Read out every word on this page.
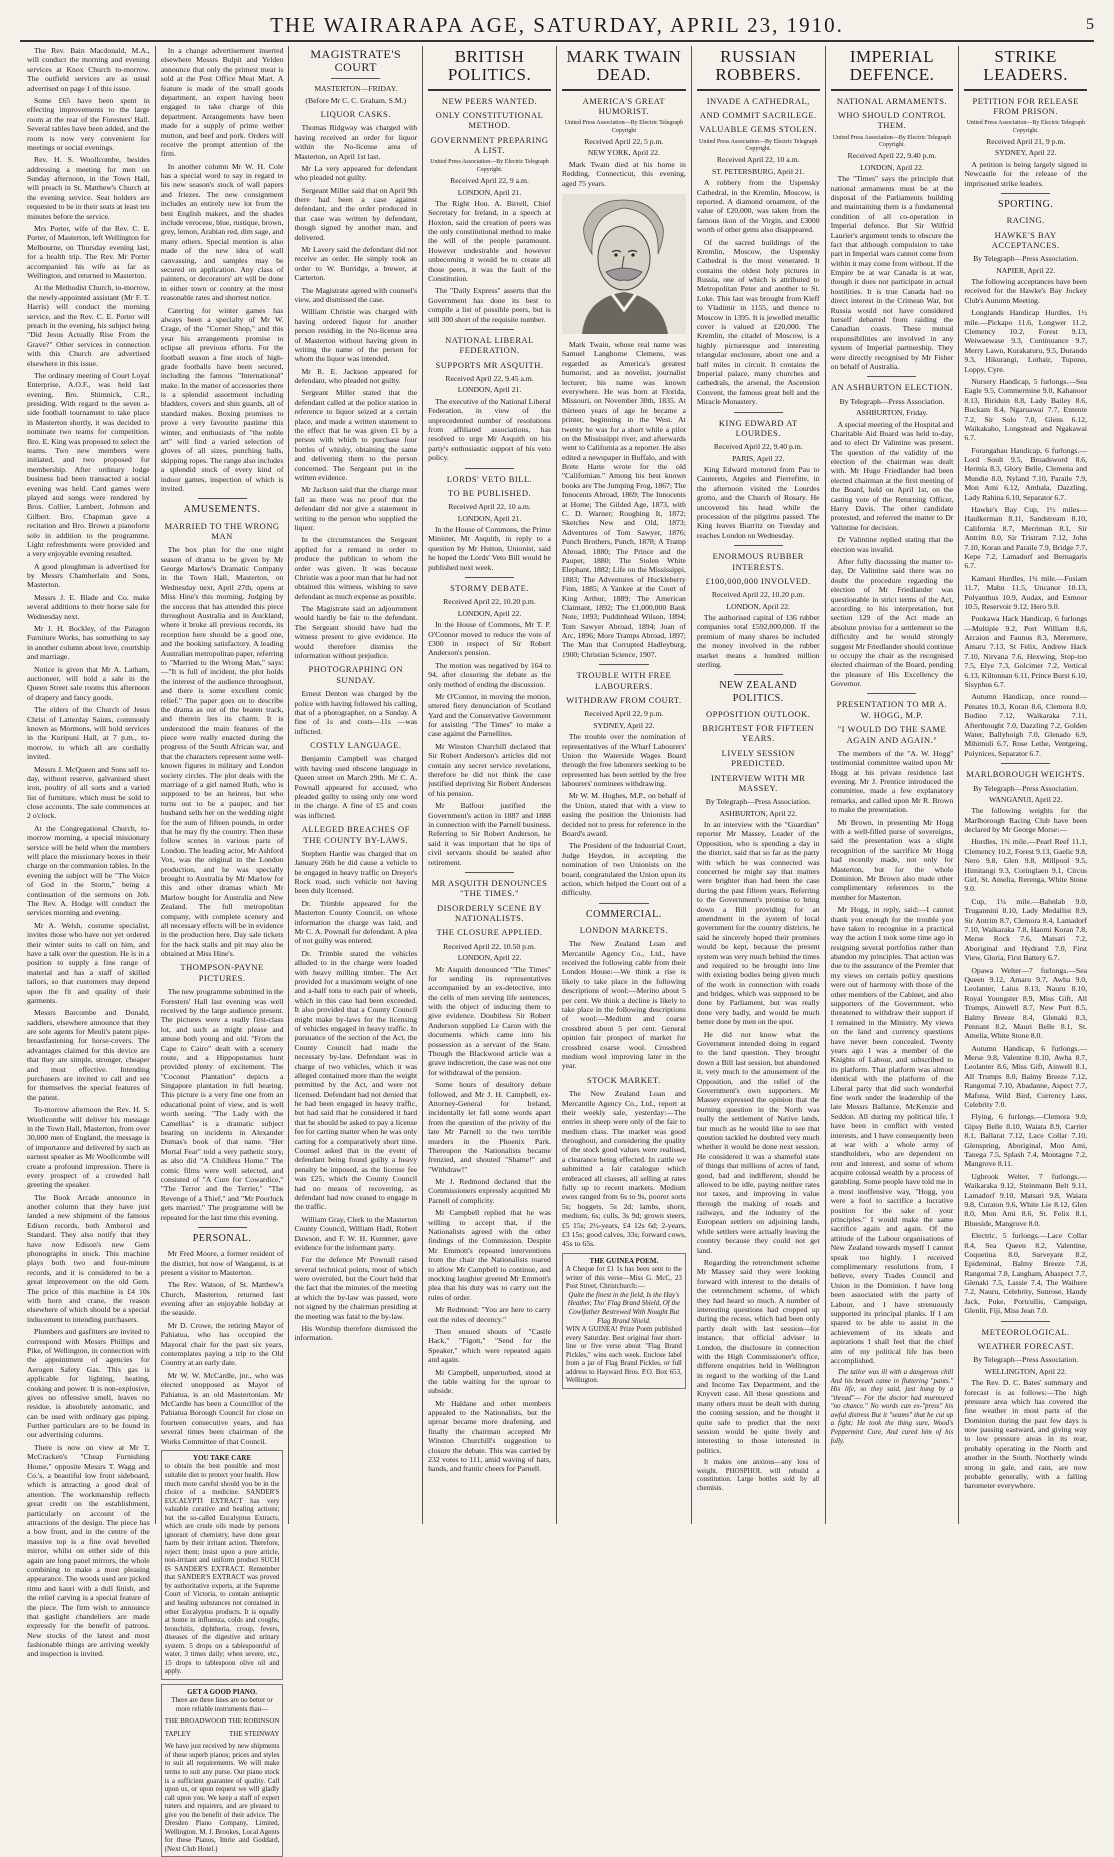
THE WAIRARAPA AGE, SATURDAY, APRIL 23, 1910.	5

The Rev. Bain Macdonald, M.A., will conduct the morning and evening services at Knox Church to-morrow. The outfield services are as usual advertised on page 1 of this issue.

Some £65 have been spent in effecting improvements to the large room at the rear of the Foresters' Hall. Several tables have been added, and the room is now very convenient for meetings or social evenings.

Rev. H. S. Woollcombe, besides addressing a meeting for men on Sunday afternoon, in the Town Hall, will preach in St. Matthew's Church at the evening service. Seat holders are requested to be in their seats at least ten minutes before the service.

Mrs Porter, wife of the Rev. C. E. Porter, of Masterton, left Wellington for Melbourne, on Thursday evening last, for a health trip. The Rev. Mr Porter accompanied his wife as far as Wellington, and returned to Masterton.

At the Methodist Church, to-morrow, the newly-appointed assistant (Mr F. T. Harris) will conduct the morning service, and the Rev. C. E. Porter will preach in the evening, his subject being "Did Jesus Actually Rise From the Grave?" Other services in connection with this Church are advertised elsewhere in this issue.

The ordinary meeting of Court Loyal Enterprise, A.O.F., was held last evening, Bro. Shimnick, C.R., presiding. With regard to the seven a-side football tournament to take place in Masterton shortly, it was decided to nominate two teams for competition. Bro. E. King was proposed to select the teams. Two new members were initiated, and two proposed for membership. After ordinary lodge business had been transacted a social evening was held. Card games were played and songs were rendered by Bros. Collier, Lambert, Johnson and Gilbert. Bro. Chapman gave a recitation and Bro. Brown a pianoforte solo in addition to the programme. Light refreshments were provided and a very enjoyable evening resulted.

A good ploughman is advertised for by Messrs Chamberlain and Sons, Masterton.

Messrs J. E. Blade and Co. make several additions to their horse sale for Wednesday next.

Mr J. H. Bockley, of the Paragon Furniture Works, has something to say in another column about love, courtship and marriage.

Notice is given that Mr A. Latham, auctioneer, will hold a sale in the Queen Street sale rooms this afternoon of drapery and fancy goods.

The elders of the Church of Jesus Christ of Latterday Saints, commonly known as Mormons, will hold services in the Kuripuni Hall, at 7 p.m., to-morrow, to which all are cordially invited.

Messrs J. McQueen and Sons sell to-day, without reserve, galvanised sheet iron, poultry of all sorts and a varied list of furniture, which must be sold to close accounts. The sale commences at 2 o'clock.

At the Congregational Church, to-morrow morning, a special missionary service will be held when the members will place the missionary boxes in their charge on the communion tables. In the evening the subject will be "The Voice of God in the Storm," being a continuation of the sermons on Job. The Rev. A. Hodge will conduct the services morning and evening.

Mr A. Welsh, costume specialist, invites those who have not yet ordered their winter suits to call on him, and have a talk over the question. He is in a position to supply a fine range of material and has a staff of skilled tailors, so that customers may depend upon the fit and quality of their garments.

Messrs Barcombe and Donald, saddlers, elsewhere announce that they are sole agents for Meuli's patent pipe-breastfastening for horse-covers. The advantages claimed for this device are that they are simple, stronger, cheaper and most effective. Intending purchasers are invited to call and see for themselves the special features of the patent.

To-morrow afternoon the Rev. H. S. Woollcombe will deliver his message in the Town Hall, Masterton, from over 30,000 men of England, the message is of importance and delivered by such an earnest speaker as Mr Woollcombe will create a profound impression. There is every prospect of a crowded hall greeting the speaker.

The Book Arcade announce in another column that they have just landed a new shipment of the famous Edison records, both Amberol and Standard. They also notify that they have now Edison's new Gem phonographs in stock. This machine plays both two and four-minute records, and it is considered to be a great improvement on the old Gem. The price of this machine is £4 10s with horn and crane, the reason elsewhere of which should be a special inducement to intending purchasers.

Plumbers and gasfitters are invited to correspond with Messrs Phillips and Pike, of Wellington, in connection with the appointment of agencies for Aerogen Safety Gas. This gas is applicable for lighting, heating, cooking and power. It is non-explosive, gives no offensive smell, leaves no residue, is absolutely automatic, and can be used with ordinary gas piping. Further particulars are to be found in our advertising columns.

There is now on view at Mr T. McCracken's "Cheap Furnishing House," opposite Messrs T. Wagg and Co.'s, a beautiful low front sideboard, which is attracting a good deal of attention. The workmanship reflects great credit on the establishment, particularly on account of the attractions of the design. The piece has a bow front, and in the centre of the massive top is a fine oval bevelled mirror, whilst on either side of this again are long panel mirrors, the whole combining to make a most pleasing appearance. The woods used are picked rimu and kauri with a dull finish, and the relief carving is a special feature of the piece. The firm wish to announce that gaslight chandeliers are made expressly for the benefit of patrons. New stocks of the latest and most fashionable things are arriving weekly and inspection is invited.

In a change advertisement inserted elsewhere Messrs Bulpit and Yelden announce that only the primest meat is sold at the Post Office Meat Mart. A feature is made of the small goods department, an expert having been engaged to take charge of this department. Arrangements have been made for a supply of prime wether mutton, and beef and pork. Orders will receive the prompt attention of the firm.

In another column Mr W. H. Cole has a special word to say in regard to his new season's stock of wall papers and friezes. The new consignment includes an entirely new lot from the best English makers, and the shades include verocese, blue, rustique, brown, grey, lemon, Arabian red, dim sage, and many others. Special mention is also made of the new idea of wall canvassing, and samples may be secured on application. Any class of painters, or decorators' art will be done in either town or country at the most reasonable rates and shortest notice.

Catering for winter games has always been a specialty of Mr W. Crage, of the "Corner Shop," and this year his arrangements promise to eclipse all previous efforts. For the football season a fine stock of high-grade footballs have been secured, including the famous "International" make. In the matter of accessories there is a splendid assortment including bladders, covers and shin guards, all of standard makes. Boxing promises to prove a very favourite pastime this winter, and enthusiasts of "the noble art" will find a varied selection of gloves of all sizes, punching balls, skipping ropes. The range also includes a splendid stock of every kind of indoor games, inspection of which is invited.

AMUSEMENTS.
MARRIED TO THE WRONG MAN

The box plan for the one night season of drama to be given by Mr George Marlow's Dramatic Company in the Town Hall, Masterton, on Wednesday next, April 27th, opens at Miss Hine's this morning. Judging by the success that has attended this piece throughout Australia and in Auckland, where it broke all previous records, its reception here should be a good one, and the booking satisfactory. A leading Australian metropolitan paper, referring to "Married to the Wrong Man," says:—"It is full of incident, the plot holds the interest of the audience throughout, and there is some excellent comic relief." The paper goes on to describe the drama as out of the beaten track, and therein lies its charm. It is understood the main features of the piece were really enacted during the progress of the South African war, and that the characters represent some well-known figures in military and London society circles. The plot deals with the marriage of a girl named Ruth, who is supposed to be an heiress, but who turns out to be a pauper, and her husband sells her on the wedding night for the sum of fifteen pounds, in order that he may fly the country. Then these follow scenes in various parts of London. The leading actor, Mr Ashford Vox, was the original in the London production, and he was specially brought to Australia by Mr Marlow for this and other dramas which Mr Marlow bought for Australia and New Zealand. The full metropolitan company, with complete scenery and all necessary effects will be in evidence in the production here. Day sale tickets for the back stalls and pit may also be obtained at Miss Hine's.

THOMPSON-PAYNE PICTURES.

The new programme submitted in the Foresters' Hall last evening was well received by the large audience present. The pictures were a really first-class lot, and such as might please and amuse both young and old. "From the Cape to Cairo" dealt with a scenery route, and a Hippopotamus hunt provided plenty of excitement. The "Coconut Plantation" depicts a Singapore plantation in full bearing. This picture is a very fine one from an educational point of view, and is well worth seeing. "The Lady with the Camellias" is a dramatic subject bearing on incidents in Alexander Dumas's book of that name. "Her Mortal Fear" told a very pathetic story, as also did "A Childless Home." The comic films were well selected, and consisted of "A Cure for Cowardice," "The Terror and the Terrier," "The Revenge of a Thief," and "Mr Poorluck gets married." The programme will be repeated for the last time this evening.

PERSONAL.

Mr Fred Moore, a former resident of the district, but now of Wanganui, is at present a visitor to Masterton.

The Rev. Watson, of St. Matthew's Church, Masterton, returned last evening after an enjoyable holiday at the seaside.

Mr D. Crowe, the retiring Mayor of Pahiatua, who has occupied the Mayoral chair for the past six years, contemplates paying a trip to the Old Country at an early date.

Mr W. W. McCardle, jnr., who was elected unopposed as Mayor of Pahiatua, is an old Mastertonian. Mr McCardle has been a Councillor of the Pahiatua Borough Council for close on fourteen consecutive years, and has several times been chairman of the Works Committee of that Council.

YOU TAKE CARE
to obtain the best possible and most suitable diet to protect your health. How much more careful should you be in the choice of a medicine. SANDER'S EUCALYPTI EXTRACT has very valuable curative and healing actions; but the so-called Eucalyptus Extracts, which are crude oils made by persons ignorant of chemistry, have done great harm by their irritant action. Therefore, reject them; insist upon a pure article, non-irritant and uniform product SUCH IS SANDER'S EXTRACT. Remember that SANDER'S EXTRACT was proved by authoritative experts, at the Supreme Court of Victoria, to contain antiseptic and healing substances not contained in other Eucalyptus products. It is equally at home in influenza, colds and coughs, bronchitis, diphtheria, croup, fevers, diseases of the digestive and urinary system. 5 drops on a tablespoonful of water, 3 times daily; when severe, etc., 15 drops to tablespoon olive oil and apply.
GET A GOOD PIANO.
There are three lines are no better or more reliable instruments than—
THE BROADWOOD THE ROBINSON
TAPLEY	THE STEINWAY
We have just received by new shipments of these superb pianos; prices and styles to suit all requirements. We will make terms to suit any purse. Our piano stock is a sufficient guarantee of quality. Call upon us, or upon request we will gladly call upon you. We keep a staff of expert tuners and repairers, and are pleased to give you the benefit of their advice. The Dresden Piano Company, Limited, Wellington. M. J. Brookes, Local Agents for these Pianos, Imrie and Goddard, (Next Club Hotel.)
MAGISTRATE'S COURT
MASTERTON—FRIDAY.
(Before Mr C. C. Graham, S.M.)
LIQUOR CASKS.

Thomas Ridgway was charged with having received an order for liquor within the No-license area of Masterton, on April 1st last.

Mr La very appeared for defendant who pleaded not guilty.

Sergeant Miller said that on April 9th there had been a case against defendant, and the order produced in that case was written by defendant, though signed by another man, and delivered.

Mr Lavery said the defendant did not receive an order. He simply took an order to W. Burridge, a brewer, at Carterton.

The Magistrate agreed with counsel's view, and dismissed the case.

William Christie was charged with having ordered liquor for another person residing in the No-license area of Masterton without having given in writing the name of the person for whom the liquor was intended.

Mr R. E. Jackson appeared for defendant, who pleaded not guilty.

Sergeant Miller stated that the defendant called at the police station in reference to liquor seized at a certain place, and made a written statement to the effect that he was given £1 by a person with which to purchase four bottles of whisky, obtaining the same and delivering them to the person concerned. The Sergeant put in the written evidence.

Mr Jackson said that the charge must fail as there was no proof that the defendant did not give a statement in writing to the person who supplied the liquor.

In the circumstances the Sergeant applied for a remand in order to produce the publican to whom the order was given. It was because Christie was a poor man that he had not obtained this witness, wishing to save defendant as much expense as possible.

The Magistrate said an adjournment would hardly be fair to the defendant. The Sergeant should have had the witness present to give evidence. He would therefore dismiss the information without prejudice.

PHOTOGRAPHING ON SUNDAY.

Ernest Denton was charged by the police with having followed his calling, that of a photographer, on a Sunday. A fine of 1s and costs—11s —was inflicted.

COSTLY LANGUAGE.

Benjamin Campbell was charged with having used obscene language in Queen street on March 29th. Mr C. A. Pownall appeared for accused, who pleaded guilty to using only one word in the charge. A fine of £5 and costs was inflicted.

ALLEGED BREACHES OF THE COUNTY BY-LAWS.

Stephen Hardie was charged that on January 26th he did cause a vehicle to be engaged in heavy traffic on Dreyer's Rock road, such vehicle not having been duly licensed.

Dr. Trimble appeared for the Masterton County Council, on whose information the charge was laid, and Mr C. A. Pownall for defendant. A plea of not guilty was entered.

Dr. Trimble stated the vehicles alluded to in the charge were loaded with heavy milling timber. The Act provided for a maximum weight of one and a-half tons to each pair of wheels, which in this case had been exceeded. It also provided that a County Council might make by-laws for the licensing of vehicles engaged in heavy traffic. In pursuance of the section of the Act, the County Council had made the necessary by-law. Defendant was in charge of two vehicles, which it was alleged contained more than the weight permitted by the Act, and were not licensed. Defendant had not denied that he had been engaged in heavy traffic, but had said that he considered it hard that he should be asked to pay a license fee for carting matter when he was only carting for a comparatively short time. Counsel asked that in the event of defendant being found guilty a heavy penalty be imposed, as the license fee was £25, which the County Council had no means of recovering, as defendant had now ceased to engage in the traffic.

William Gray, Clerk to the Masterton County Council, William Hadl, Robert Dawson, and F. W. H. Kummer, gave evidence for the informant party.

For the defence Mr Pownall raised several technical points, most of which were overruled, but the Court held that the fact that the minutes of the meeting at which the by-law was passed, were not signed by the chairman presiding at the meeting was fatal to the by-law.

His Worship therefore dismissed the information.

BRITISH POLITICS.
NEW PEERS WANTED.
ONLY CONSTITUTIONAL METHOD.
GOVERNMENT PREPARING A LIST.
United Press Association—By Electric Telegraph Copyright.
Received April 22, 9 a.m.
LONDON, April 21.

The Right Hon. A. Birrell, Chief Secretary for Ireland, in a speech at Hoxton, said the creation of peers was the only constitutional method to make the will of the people paramount. However undesirable and however unbecoming it would be to create all those peers, it was the fault of the Constitution.

The "Daily Express" asserts that the Government has done its best to compile a list of possible peers, but is still 300 short of the requisite number.

NATIONAL LIBERAL FEDERATION.
SUPPORTS MR ASQUITH.
Received April 22, 9.45 a.m.
LONDON, April 21.

The executive of the National Liberal Federation, in view of the unprecedented number of resolutions from affiliated associations, has resolved to urge Mr Asquith on his party's enthusiastic support of his veto policy.

LORDS' VETO BILL.
TO BE PUBLISHED.
Received April 22, 10 a.m.
LONDON, April 21.

In the House of Commons, the Prime Minister, Mr Asquith, in reply to a question by Mr Hutton, Unionist, said he hoped the Lords' Veto Bill would be published next week.

STORMY DEBATE.
Received April 22, 10.20 p.m.
LONDON, April 22.

In the House of Commons, Mr T. P. O'Connor moved to reduce the vote of £300 in respect of Sir Robert Anderson's pension.

The motion was negatived by 164 to 94, after closuring the debate as the only method of ending the discussion.

Mr O'Connor, in moving the motion, uttered fiery denunciation of Scotland Yard and the Conservative Government for assisting "The Times" to make a case against the Parnellites.

Mr Winston Churchill declared that Sir Robert Anderson's articles did not contain any secret service revelations, therefore he did not think the case justified depriving Sir Robert Anderson of his pension.

Mr Balfour justified the Government's action in 1887 and 1888 in connection with the Parnell business. Referring to Sir Robert Anderson, he said it was important that he tips of civil servants should be sealed after retirement.

MR ASQUITH DENOUNCES "THE TIMES."
DISORDERLY SCENE BY NATIONALISTS.
THE CLOSURE APPLIED.
Received April 22, 10.50 p.m.
LONDON, April 22.

Mr Asquith denounced "The Times" for sending its representatives accompanied by an ex-detective, into the cells of men serving life sentences, with the object of inducing them to give evidence. Doubtless Sir Robert Anderson supplied Le Caron with the documents which came into his possession as a servant of the State. Though the Blackwood article was a grave indiscretion, the case was not one for withdrawal of the pension.

Some hours of desultory debate followed, and Mr J. H. Campbell, ex-Attorney-General for Ireland, incidentally let fall some words apart from the question of the privity of the late Mr Parnell to the two terrible murders in the Phoenix Park. Thereupon the Nationalists became frenzied, and shouted "Shame!" and "Withdraw!"

Mr J. Redmond declared that the Commissioners expressly acquitted Mr Parnell of complicity.

Mr Campbell replied that he was willing to accept that, if the Nationalists agreed with the other findings of the Commission. Despite Mr Emmott's repeated interventions from the chair the Nationalists roared to allow Mr Campbell to continue, and mocking laughter greeted Mr Emmott's plea that his duty was to carry out the rules of order.

Mr Redmond: "You are here to carry out the rules of decency."

Then ensued shouts of "Castle Hack," "Figott," "Send for the Speaker," which were repeated again and again.

Mr Campbell, unperturbed, stood at the table waiting for the uproar to subside.

Mr Haldane and other members appealed to the Nationalists, but the uproar became more deafening, and finally the chairman accepted Mr Winston Churchill's suggestion to closure the debate. This was carried by 232 votes to 111, amid waving of hats, hands, and frantic cheers for Parnell.

MARK TWAIN DEAD.
AMERICA'S GREAT HUMORIST.
United Press Association—By Electric Telegraph Copyright
Received April 22, 5 p.m.
NEW YORK, April 22.

Mark Twain died at his home in Redding, Connecticut, this evening, aged 75 years.

Mark Twain, whose real name was Samuel Langhorne Clemens, was regarded as America's greatest humorist, and as novelist, journalist lecturer, his name was known everywhere. He was born at Florida, Missouri, on November 30th, 1835. At thirteen years of age he became a printer, beginning in the West. At twenty he was for a short while a pilot on the Mississippi river, and afterwards went to California as a reporter. He also edited a newspaper in Buffalo, and with Brete Harte wrote for the old "Californian." Among his best known books are The Jumping Frog, 1867; The Innocents Abroad, 1869; The Innocents at Home; The Gilded Age, 1873, with C. D. Warner; Roughing It, 1872; Sketches New and Old, 1873; Adventures of Tom Sawyer, 1876; Punch Brothers, Punch, 1878; A Tramp Abroad, 1880; The Prince and the Pauper, 1880; The Stolen White Elephant, 1882; Life on the Mississippi, 1883; The Adventures of Huckleberry Finn, 1885; A Yankee at the Court of King Arthur, 1889; The American Claimant, 1892; The £1,000,000 Bank Note, 1893; Puddinhead Wilson, 1894; Tom Sawyer Abroad, 1894; Joan of Arc, 1896; More Tramps Abroad, 1897; The Man that Corrupted Hadleyburg, 1900; Christian Science, 1907.

TROUBLE WITH FREE LABOURERS.
WITHDRAW FROM COURT.
Received April 22, 9 p.m.
SYDNEY, April 22.

The trouble over the nomination of representatives of the Wharf Labourers' Union the Waterside Wages Board through the free labourers seeking to be represented has been settled by the free labourers' nominees withdrawing.

Mr W. M. Hughes, M.P., on behalf of the Union, stated that with a view to easing the position the Unionists had decided not to press for reference in the Board's award.

The President of the Industrial Court, Judge Heydon, in accepting the nomination of two Unionists on the board, congratulated the Union upon its action, which helped the Court out of a difficulty.

COMMERCIAL.
LONDON MARKETS.

The New Zealand Loan and Mercantile Agency Co., Ltd., have received the following cable from their London House:—We think a rise is likely to take place in the following descriptions of wool:—Merino about 5 per cent. We think a decline is likely to take place in the following descriptions of wool:—Medium and coarse crossbred about 5 per cent. General opinion fair prospect of market for crossbred coarse wool. Crossbred medium wool improving later in the year.

STOCK MARKET.

The New Zealand Loan and Mercantile Agency Co., Ltd., report at their weekly sale, yesterday:—The entries in sheep were only of the fair to medium class. The market was good throughout, and considering the quality of the stock good values were realised, a clearance being effected. In cattle we submitted a fair catalogue which embraced all classes, all selling at rates fully up to recent markets. Medium ewes ranged from 6s to 9s, poorer sorts 5s; hoggets, 5s 2d; lambs, shorn, medium, 6s; culls, 3s 9d; grown steers, £5 15s; 2½-years, £4 12s 6d; 2-years, £3 15s; good calves, 33s; forward cows, 45s to 65s.

THE GUINEA POEM.
A Cheque for £1 1s has been sent to the writer of this verse—Miss G. McC, 23 Post Street, Christchurch:—
Quite the finest in the field, Is the Hay's Heather, Tho' Flag Brand Shield, Of the Cowlfather Bestrewed With Nought But Flag Brand Shield.
WIN A GUINEA! Prize Poem published every Saturday. Best original four short-line or five verse about "Flag Brand Pickles," wins each week. Enclose label from a jar of Flag Brand Pickles, or full address to Hayward Bros. P.O. Box 653, Wellington.
RUSSIAN ROBBERS.
INVADE A CATHEDRAL,
AND COMMIT SACRILEGE.
VALUABLE GEMS STOLEN.
United Press Association—By Electric Telegraph Copyright.
Received April 22, 10 a.m.
ST. PETERSBURG, April 21.

A robbery from the Uspensky Cathedral, in the Kremlin, Moscow, is reported. A diamond ornament, of the value of £20,000, was taken from the famous ikon of the Virgin, and £3000 worth of other gems also disappeared.

Of the sacred buildings of the Kremlin, Moscow, the Uspensky Cathedral is the most venerated. It contains the oldest holy pictures in Russia, one of which is attributed to Metropolitan Peter and another to St. Luke. This last was brought from Kieff to Vladimir in 1155, and thence to Moscow in 1395. It is jewelled metallic cover is valued at £20,000. The Kremlin, the citadel of Moscow, is a highly picturesque and interesting triangular enclosure, about one and a half miles in circuit. It contains the Imperial palace, many churches and cathedrals, the arsenal, the Ascension Convent, the famous great bell and the Miracle Monastery.

KING EDWARD AT LOURDES.
Received April 22, 9.40 p.m.
PARIS, April 22.

King Edward motored from Pau to Cauterets, Argeles and Pierrefitte, in the afternoon visited the Lourdes grotto, and the Church of Rosary. He uncovered his head while the procession of the pilgrims passed. The King leaves Biarritz on Tuesday and reaches London on Wednesday.

ENORMOUS RUBBER INTERESTS.
£100,000,000 INVOLVED.
Received April 22, 10.20 p.m.
LONDON, April 22.

The authorised capital of 136 rubber companies total £592,000,000. If the premium of many shares be included the money involved in the rubber market means a hundred million sterling.

NEW ZEALAND POLITICS.
OPPOSITION OUTLOOK.
BRIGHTEST FOR FIFTEEN YEARS.
LIVELY SESSION PREDICTED.
INTERVIEW WITH MR MASSEY.
By Telegraph—Press Association.
ASHBURTON, April 22.

In an interview with the "Guardian" reporter Mr Massey, Leader of the Opposition, who is spending a day in the district, said that so far as the party with which he was connected was concerned he might say that matters were brighter than had been the case during the past fifteen years. Referring to the Government's promise to bring down a Bill providing for an amendment in the system of local government for the country districts, he said he sincerely hoped their promises would be kept, because the present system was very much behind the times and required to be brought into line with existing bodies being given much of the work in connection with roads and bridges, which was supposed to be done by Parliament, but was really done very badly, and would be much better done by men on the spot.

He did not know what the Government intended doing in regard to the land question. They brought down a Bill last session, but abandoned it, very much to the amusement of the Opposition, and the relief of the Government's own supporters. Mr Massey expressed the opinion that the burning question in the North was really the settlement of Native lands, but much as he would like to see that question tackled he doubted very much whether it would be done next session. He considered it was a shameful state of things that millions of acres of land, good, bad and indifferent, should be allowed to be idle, paying neither rates nor taxes, and improving in value through the making of roads and railways, and the industry of the European settlers on adjoining lands, while settlers were actually leaving the country because they could not get land.

Regarding the retrenchment scheme Mr Massey said they were looking forward with interest to the details of the retrenchment scheme, of which they had heard so much. A number of interesting questions had cropped up during the recess, which had been only partly dealt with last session—for instance, that official adviser in London, the disclosure in connection with the High Commissioner's office, different enquiries held in Wellington in regard to the working of the Land and Income Tax Department, and the Knyvett case. All these questions and many others must be dealt with during the coming session, and he thought it quite safe to predict that the next session would be quite lively and interesting to those interested in politics.

It makes one anxious—any loss of weight. PHOSPHOL will rebuild a constitution. Large bottles sold by all chemists.

IMPERIAL DEFENCE.
NATIONAL ARMAMENTS.
WHO SHOULD CONTROL THEM.
United Press Association—By Electric Telegraph Copyright.
Received April 22, 9.40 p.m.
LONDON, April 22.

The "Times" says the principle that national armaments must be at the disposal of the Parliaments building and maintaining them is a fundamental condition of all co-operation in Imperial defence. But Sir Wilfrid Laurier's argument tends to obscure the fact that although compulsion to take part in Imperial wars cannot come from within it may come from without. If the Empire be at war Canada is at war, though it does not participate in actual hostilities. It is true Canada had no direct interest in the Crimean War, but Russia would not have considered herself debarred from raiding the Canadian coasts. These mutual responsibilities are involved in any system of Imperial partnership. They were directly recognised by Mr Fisher on behalf of Australia.

AN ASHBURTON ELECTION.
By Telegraph—Press Association.
ASHBURTON, Friday.

A special meeting of the Hospital and Charitable Aid Board was held to-day, and to elect Dr Valintine was present. The question of the validity of the election of the chairman was dealt with. Mr Hugo Friedlander had been elected chairman at the first meeting of the Board, held on April 1st, on the casting vote of the Returning Officer, Harry Davis. The other candidate protested, and referred the matter to Dr Valintine for decision.

Dr Valintine replied stating that the election was invalid.

After fully discussing the matter to-day, Dr Valintine said there was no doubt the procedure regarding the election of Mr Friedlander was questionable in strict terms of the Act, according to his interpretation, but section 129 of the Act made an absolute proviso for a settlement so the difficulty and he would strongly suggest Mr Friedlander should continue to occupy the chair as the recognised elected chairman of the Board, pending the pleasure of His Excellency the Governor.

PRESENTATION TO MR A. W. HOGG, M.P.
"I WOULD DO THE SAME AGAIN AND AGAIN."

The members of the "A. W. Hogg" testimonial committee waited upon Mr Hogg at his private residence last evening. Mr J. Prentice introduced the committee, made a few explanatory remarks, and called upon Mr R. Brown to make the presentation.

Mr Brown, in presenting Mr Hogg with a well-filled purse of sovereigns, said the presentation was a slight recognition of the sacrifice Mr Hogg had recently made, not only for Masterton, but for the whole Dominion. Mr Brown also made other complimentary references to the member for Masterton.

Mr Hogg, in reply, said:—I cannot thank you enough for the trouble you have taken to recognise in a practical way the action I took some time ago in resigning several portfolios rather than abandon my principles. That action was due to the assurance of the Premier that my views on certain policy questions were out of harmony with those of the other members of the Cabinet, and also supporters of the Government, who threatened to withdraw their support if I remained in the Ministry. My views on the land and currency questions have never been concealed. Twenty years ago I was a member of the Knights of Labour, and subscribed to its platform. That platform was almost identical with the platform of the Liberal party that did such wonderful fine work under the leadership of the late Messrs Ballance, McKenzie and Seddon. All during my political life, I have been in conflict with vested interests, and I have consequently been at war with a whole army of standholders, who are dependent on rent and interest, and some of whom acquire colossal wealth by a process of gambling. Some people have told me in a most inoffensive way, "Hogg, you were a fool to sacrifice a lucrative position for the sake of your principles." I would make the same sacrifice again and again. Of the attitude of the Labour organisations of New Zealand towards myself I cannot speak too highly. I received complimentary resolutions from, I believe, every Trades Council and Union in the Dominion. I have long been associated with the party of Labour, and I have strenuously supported its principal planks. If I am spared to be able to assist in the achievement of its ideals and aspirations I shall feel that the chief aim of my political life has been accomplished.

The tailor was ill with a dangerous chill And his breath came in fluttering "pants." His life, so they said, just hung by a "thread"— For the doctor had murmured "no chance." No words can ex-"press" his awful distress But it "seams" that he cut up a fight; He took the thing sure, Wood's Peppermint Cure, And cured him of his folly.

STRIKE LEADERS.
PETITION FOR RELEASE FROM PRISON.
United Press Association—By Electric Telegraph Copyright.
Received April 21, 9 p.m.
SYDNEY, April 22.

A petition is being largely signed in Newcastle for the release of the imprisoned strike leaders.

SPORTING.
RACING.
HAWKE'S BAY ACCEPTANCES.
By Telegraph—Press Association.
NAPIER, April 22.

The following acceptances have been received for the Hawke's Bay Jockey Club's Autumn Meeting.

Longlands Handicap Hurdles, 1½ mile.—Pickapo 11.6, Longwer 11.2, Clemency 10.2, Forest 9.13, Weiwaewase 9.3, Continuance 9.7, Merry Lawn, Kurakaturu, 9.5, Durando 9.3, Hikurangi, Lothair, Tupono, Loppy, Cyre.

Nursery Handicap, 5 furlongs.—Sea Eagle 9.5, Commermine 9.0, Kahanoor 8.13, Biriduin 8.8, Lady Bailey 8.6, Buckam 8.4, Ngaruawai 7.7, Entente 7.2, Sir Solo 7.0, Glens 6.12, Waikakaho, Longstead and Ngakawai 6.7.

Forangahau Handicap, 6 furlongs.—Lord Soult 9.5, Broadsword 8.6, Hermia 8.3, Glory Belle, Clemena and Mundie 8.0, Nyland 7.10, Paraile 7.9, Mon Ami 6.12, Ambala, Dazzling, Lady Rahina 6.10, Separator 6.7.

Hawke's Bay Cup, 1½ miles—Haulkerman 8.11, Sandstream 8.10, California 8.7, Merriman 8.1, Sir Antrim 8.0, Sir Tristram 7.12, John 7.10, Koran and Paraile 7.9, Bridge 7.7, Kepe 7.2, Lamadorf and Bernagaris 6.7.

Kamaui Hurdles, 1¾ mile.—Fusiam 11.7, Mahu 11.5, Uncanor 10.13, Polyanthus 10.9, Audax, and Exmoor 10.5, Reservoir 9.12, Hero 9.0.

Poukawa Hack Handicap, 6 furlongs—Multiple 9.2, Port William 8.6, Arcaion and Faunus 8.3, Meremere, Amaru 7.13, St Felix, Andrew Hack 7.10, Nirvana 7.6, Hexwing, Stop-too 7.5, Elye 7.3, Golcimer 7.2, Vertical 6.13, Kiltonnan 6.11, Prince Burst 6.10, Sisyphus 6.7.

Autumn Handicap, once round—Penates 10.3, Koran 8.6, Clemora 8.0, Bodino 7.12, Waikaraka 7.11, Afterthought 7.0, Dazzling 7.2, Golden Water, Ballyhoigh 7.0, Glenado 6.9, Mihimuli 6.7, Rose Lethe, Ventgeing, Polynices, Separator 6.7.

MARLBOROUGH WEIGHTS.
By Telegraph—Press Association.
WANGANUI, April 22.

The following weights for the Marlborough Racing Club have been declared by Mr George Morse:—

Hurdles, 1¾ mile.—Pearl Reef 11.1, Clemency 10.2, Forest 9.13, Gaelic 9.8, Nero 9.8, Glen 9.8, Millpool 9.5, Himitangi 9.3, Coringlaen 9.1, Circus Girl, St. Amelia, Rerenga, White Stone 9.0.

Cup, 1¼ mile.—Bahnlab 9.0, Trugannini 8.10, Lady Medallist 8.9, Sir Antrim 8.7, Clemora 8.4, Lamadorf 7.10, Waikaraka 7.8, Haomi Koran 7.8, Merse Rock 7.6, Matsari 7.2, Aboriginal and Hydrand 7.0, First View, Gloria, First Battery 6.7.

Opawa Welter—7 furlongs.—Sea Queen 9.12, Amaru 9.7, Awha 9.0, Leolanter, Laius 8.13, Nauru 8.10, Royal Youngster 8.9, Miss Gift, All Trumps, Ainwell 8.7, New Port 8.5, Balmy Breeze 8.4, Glenaki 8.3, Pennant 8.2, Mauri Belle 8.1, St. Amelia, White Stone 8.0.

Autumn Handicap, 6 furlongs.—Merse 9.8, Valentine 8.10, Awha 8.7, Leolanter 8.6, Miss Gift, Ainwell 8.1, All Trumps 8.0, Balmy Breeze 7.12, Rangomai 7.10, Abadanne, Aspect 7.7, Mafuna, Wild Bird, Currency Lass, Celebrity 7.0.

Flying, 6 furlongs.—Clemora 9.0, Gipsy Belle 8.10, Waiata 8.9, Carrier 8.1, Ballarat 7.12, Lace Collar 7.10, Glenspring, Aboriginal, Mon Ami, Tanega 7.5, Splash 7.4, Montagne 7.2, Mangrove 8.11.

Ugbrook Welter, 7 furlongs.—Waikaraka 9.12, Steinmann Belt 9.11, Lamadorf 9.10, Matsari 9.8, Waiata 9.8, Curaton 9.6, White Lie 8.12, Glen 8.0, Mon Ami 8.6, St. Felix 8.1, Blueside, Mangrove 8.0.

Electric, 5 furlongs.—Lace Collar 8.4, Sea Queen 8.2, Valentine, Coquetina 8.0, Surveyant 8.2, Epideminal, Balmy Breeze 7.8, Rangomai 7.8, Langham, Abaspect 7.7, Glenaki 7.5, Lassie 7.4, The Waihere 7.2, Nauru, Celebrity, Sunrose, Handy Jack, Puke, Portcullis, Campaign, Glenlit, Fiji, Miss Jean 7.0.

METEOROLOGICAL.
WEATHER FORECAST.
By Telegraph—Press Association.
WELLINGTON, April 22.

The Rev. D. C. Bates' summary and forecast is as follows:—The high pressure area which has covered the fine weather in most parts of the Dominion during the past few days is now passing eastward, and giving way to low pressure areas in its rear, probably operating in the North and another in the South. Northerly winds strong in gale, and rain, are now probable generally, with a falling barometer everywhere.
